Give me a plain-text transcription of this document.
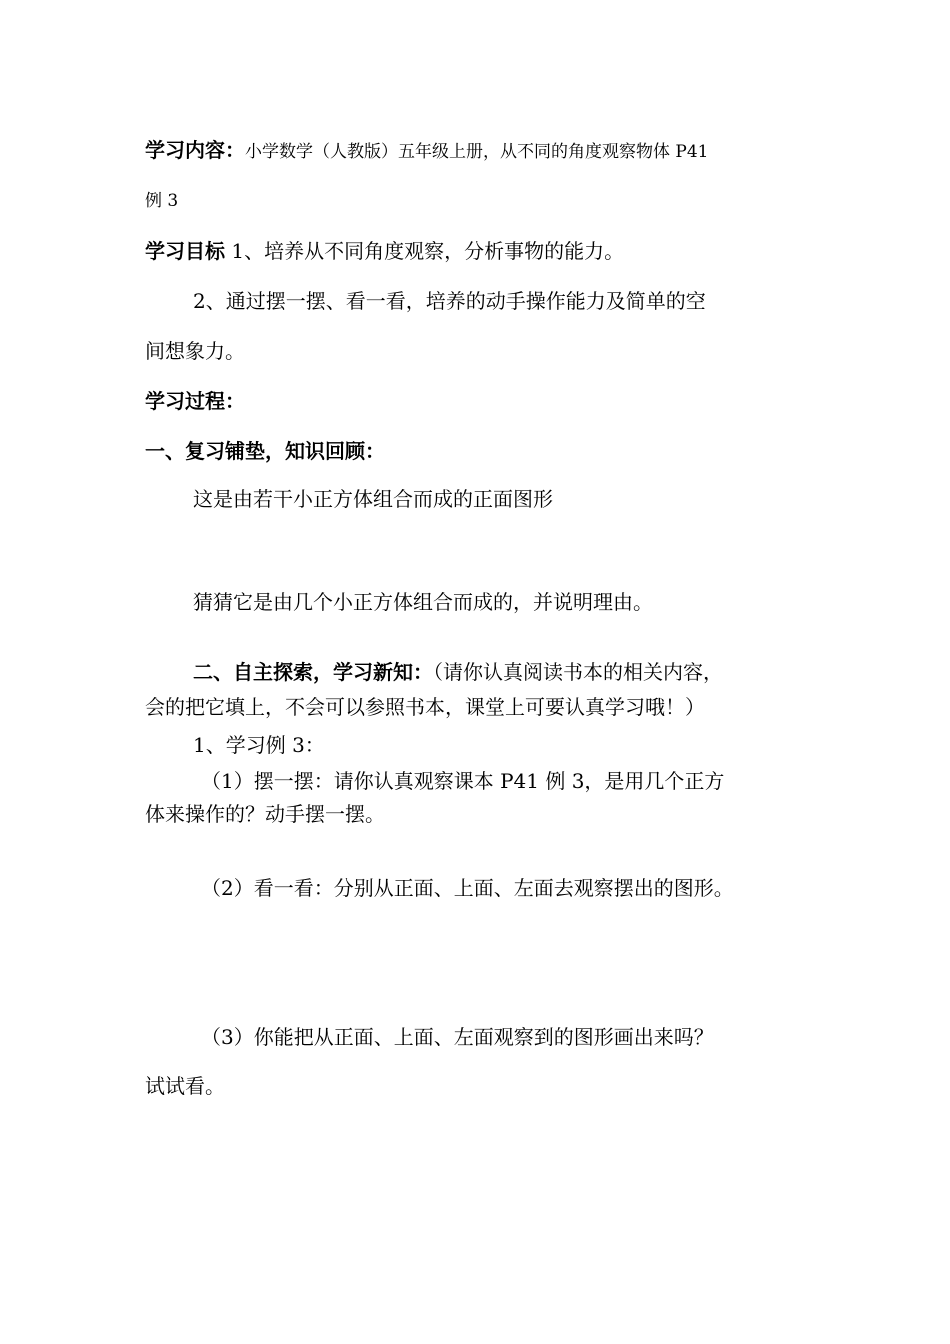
学习内容：小学数学（人教版）五年级上册，从不同的角度观察物体 P41
例 3
学习目标 1、培养从不同角度观察，分析事物的能力。
2、通过摆一摆、看一看，培养的动手操作能力及简单的空
间想象力。
学习过程：
一、复习铺垫，知识回顾：
这是由若干小正方体组合而成的正面图形
猜猜它是由几个小正方体组合而成的，并说明理由。
二、自主探索，学习新知：（请你认真阅读书本的相关内容，
会的把它填上，不会可以参照书本，课堂上可要认真学习哦！）
1、学习例 3：
（1）摆一摆：请你认真观察课本 P41 例 3，是用几个正方
体来操作的？动手摆一摆。
（2）看一看：分别从正面、上面、左面去观察摆出的图形。
（3）你能把从正面、上面、左面观察到的图形画出来吗？
试试看。
